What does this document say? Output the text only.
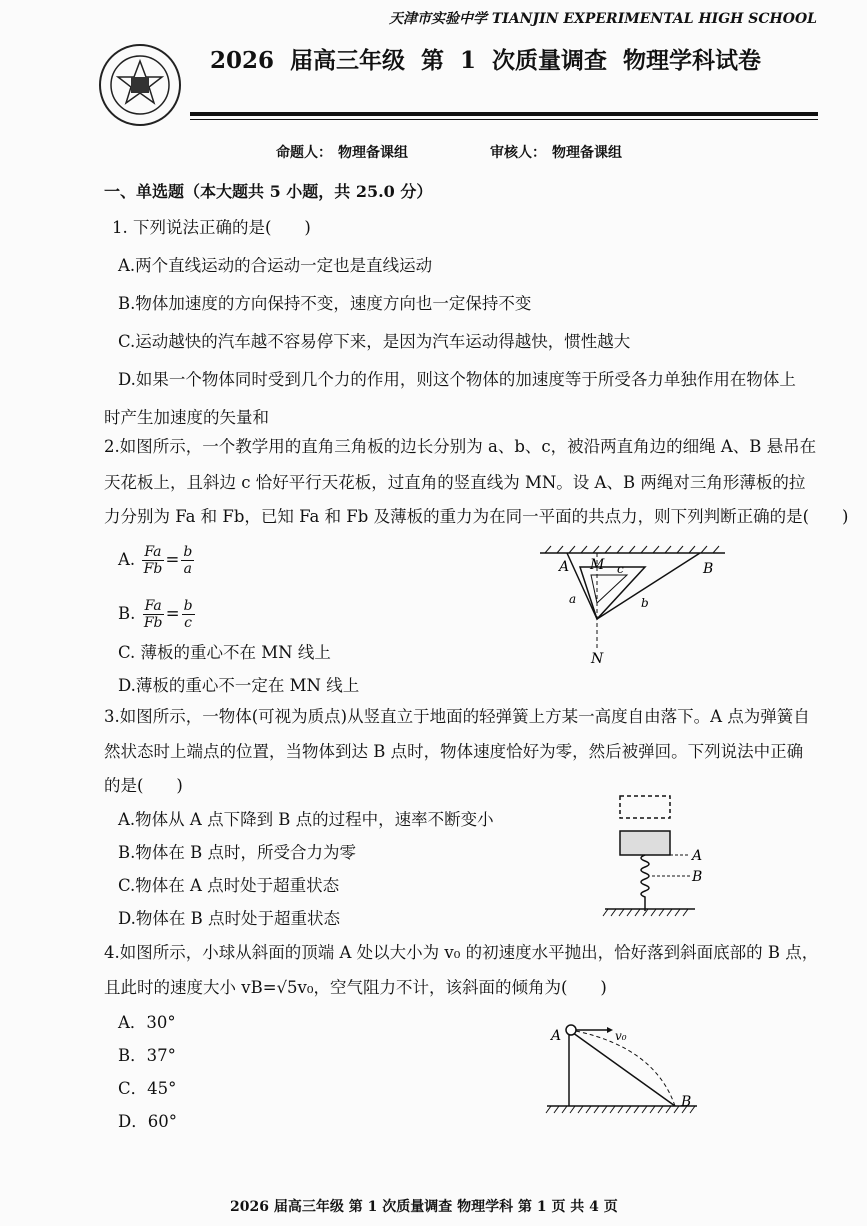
天津市实验中学 TIANJIN EXPERIMENTAL HIGH SCHOOL
2026 届高三年级 第 1 次质量调查 物理学科试卷
命题人： 物理备课组	审核人： 物理备课组
一、单选题（本大题共 5 小题，共 25.0 分）
1. 下列说法正确的是(　　)
A.两个直线运动的合运动一定也是直线运动
B.物体加速度的方向保持不变，速度方向也一定保持不变
C.运动越快的汽车越不容易停下来，是因为汽车运动得越快，惯性越大
D.如果一个物体同时受到几个力的作用，则这个物体的加速度等于所受各力单独作用在物体上
时产生加速度的矢量和
2.如图所示，一个教学用的直角三角板的边长分别为 a、b、c，被沿两直角边的细绳 A、B 悬吊在
天花板上，且斜边 c 恰好平行天花板，过直角的竖直线为 MN。设 A、B 两绳对三角形薄板的拉
力分别为 Fa 和 Fb，已知 Fa 和 Fb 及薄板的重力为在同一平面的共点力，则下列判断正确的是(　　)
A. $\frac{Fa}{Fb} = \frac{b}{a}$
B. $\frac{Fa}{Fb} = \frac{b}{c}$
C. 薄板的重心不在 MN 线上
D.薄板的重心不一定在 MN 线上
A M c	B
a	b
N
3.如图所示，一物体(可视为质点)从竖直立于地面的轻弹簧上方某一高度自由落下。A 点为弹簧自
然状态时上端点的位置，当物体到达 B 点时，物体速度恰好为零，然后被弹回。下列说法中正确
的是(　　)
A.物体从 A 点下降到 B 点的过程中，速率不断变小
B.物体在 B 点时，所受合力为零
C.物体在 A 点时处于超重状态
D.物体在 B 点时处于超重状态
A
B
4.如图所示，小球从斜面的顶端 A 处以大小为 v₀ 的初速度水平抛出，恰好落到斜面底部的 B 点，
且此时的速度大小 vB=√5v₀，空气阻力不计，该斜面的倾角为(　　)
A．30°
B．37°
C．45°
D．60°
A	v₀
B
2026 届高三年级 第 1 次质量调查 物理学科 第 1 页 共 4 页
